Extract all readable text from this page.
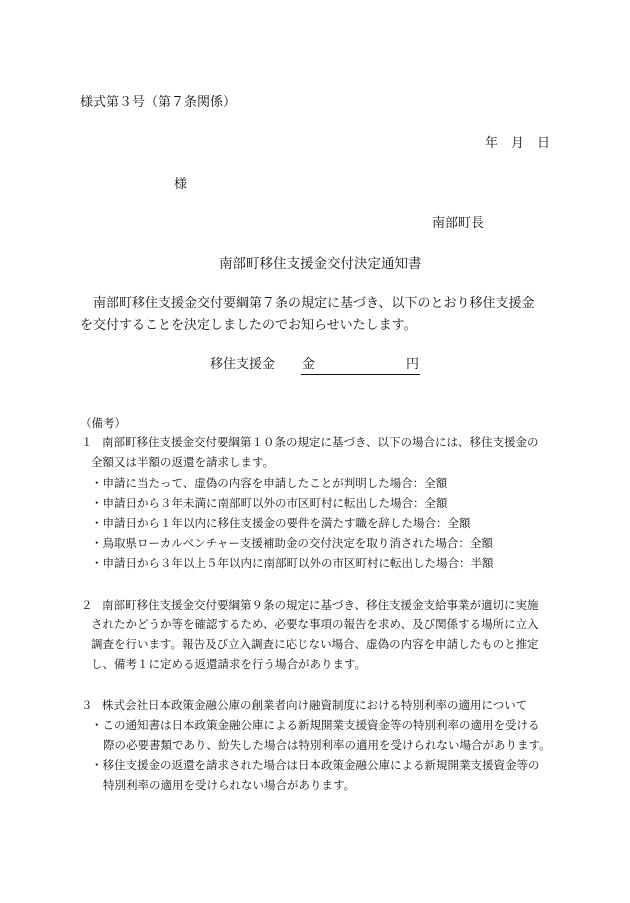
様式第３号（第７条関係）
年　月　日
様
南部町長
南部町移住支援金交付決定通知書
南部町移住支援金交付要綱第７条の規定に基づき、以下のとおり移住支援金
を交付することを決定しましたのでお知らせいたします。
移住支援金 金	円
（備考）
１ 南部町移住支援金交付要綱第１０条の規定に基づき、以下の場合には、移住支援金の
全額又は半額の返還を請求します。
・申請に当たって、虚偽の内容を申請したことが判明した場合：全額
・申請日から３年未満に南部町以外の市区町村に転出した場合：全額
・申請日から１年以内に移住支援金の要件を満たす職を辞した場合：全額
・鳥取県ローカルベンチャー支援補助金の交付決定を取り消された場合：全額
・申請日から３年以上５年以内に南部町以外の市区町村に転出した場合：半額
２ 南部町移住支援金交付要綱第９条の規定に基づき、移住支援金支給事業が適切に実施
されたかどうか等を確認するため、必要な事項の報告を求め、及び関係する場所に立入
調査を行います。報告及び立入調査に応じない場合、虚偽の内容を申請したものと推定
し、備考１に定める返還請求を行う場合があります。
３ 株式会社日本政策金融公庫の創業者向け融資制度における特別利率の適用について
・この通知書は日本政策金融公庫による新規開業支援資金等の特別利率の適用を受ける
際の必要書類であり、紛失した場合は特別利率の適用を受けられない場合があります。
・移住支援金の返還を請求された場合は日本政策金融公庫による新規開業支援資金等の
特別利率の適用を受けられない場合があります。
